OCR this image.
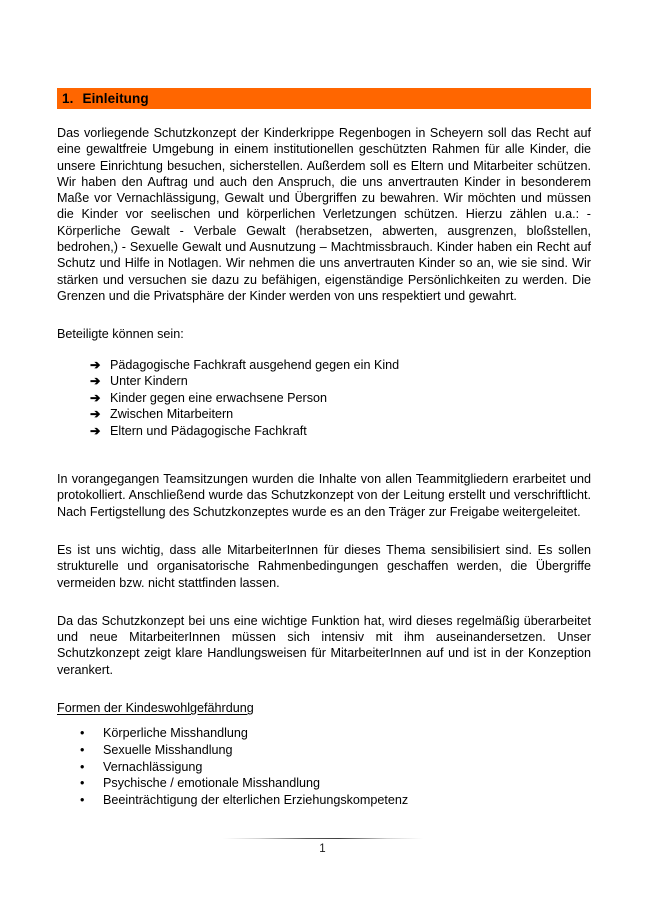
1. Einleitung

Das vorliegende Schutzkonzept der Kinderkrippe Regenbogen in Scheyern soll das Recht auf eine gewaltfreie Umgebung in einem institutionellen geschützten Rahmen für alle Kinder, die unsere Einrichtung besuchen, sicherstellen. Außerdem soll es Eltern und Mitarbeiter schützen. Wir haben den Auftrag und auch den Anspruch, die uns anvertrauten Kinder in besonderem Maße vor Vernachlässigung, Gewalt und Übergriffen zu bewahren. Wir möchten und müssen die Kinder vor seelischen und körperlichen Verletzungen schützen. Hierzu zählen u.a.: - Körperliche Gewalt - Verbale Gewalt (herabsetzen, abwerten, ausgrenzen, bloßstellen, bedrohen,) - Sexuelle Gewalt und Ausnutzung – Machtmissbrauch. Kinder haben ein Recht auf Schutz und Hilfe in Notlagen. Wir nehmen die uns anvertrauten Kinder so an, wie sie sind. Wir stärken und versuchen sie dazu zu befähigen, eigenständige Persönlichkeiten zu werden. Die Grenzen und die Privatsphäre der Kinder werden von uns respektiert und gewahrt.

Beteiligte können sein:

➔ Pädagogische Fachkraft ausgehend gegen ein Kind
➔ Unter Kindern
➔ Kinder gegen eine erwachsene Person
➔ Zwischen Mitarbeitern
➔ Eltern und Pädagogische Fachkraft

In vorangegangen Teamsitzungen wurden die Inhalte von allen Teammitgliedern erarbeitet und protokolliert. Anschließend wurde das Schutzkonzept von der Leitung erstellt und verschriftlicht. Nach Fertigstellung des Schutzkonzeptes wurde es an den Träger zur Freigabe weitergeleitet.

Es ist uns wichtig, dass alle MitarbeiterInnen für dieses Thema sensibilisiert sind. Es sollen strukturelle und organisatorische Rahmenbedingungen geschaffen werden, die Übergriffe vermeiden bzw. nicht stattfinden lassen.

Da das Schutzkonzept bei uns eine wichtige Funktion hat, wird dieses regelmäßig überarbeitet und neue MitarbeiterInnen müssen sich intensiv mit ihm auseinandersetzen. Unser Schutzkonzept zeigt klare Handlungsweisen für MitarbeiterInnen auf und ist in der Konzeption verankert.

Formen der Kindeswohlgefährdung
• Körperliche Misshandlung
• Sexuelle Misshandlung
• Vernachlässigung
• Psychische / emotionale Misshandlung
• Beeinträchtigung der elterlichen Erziehungskompetenz
1
